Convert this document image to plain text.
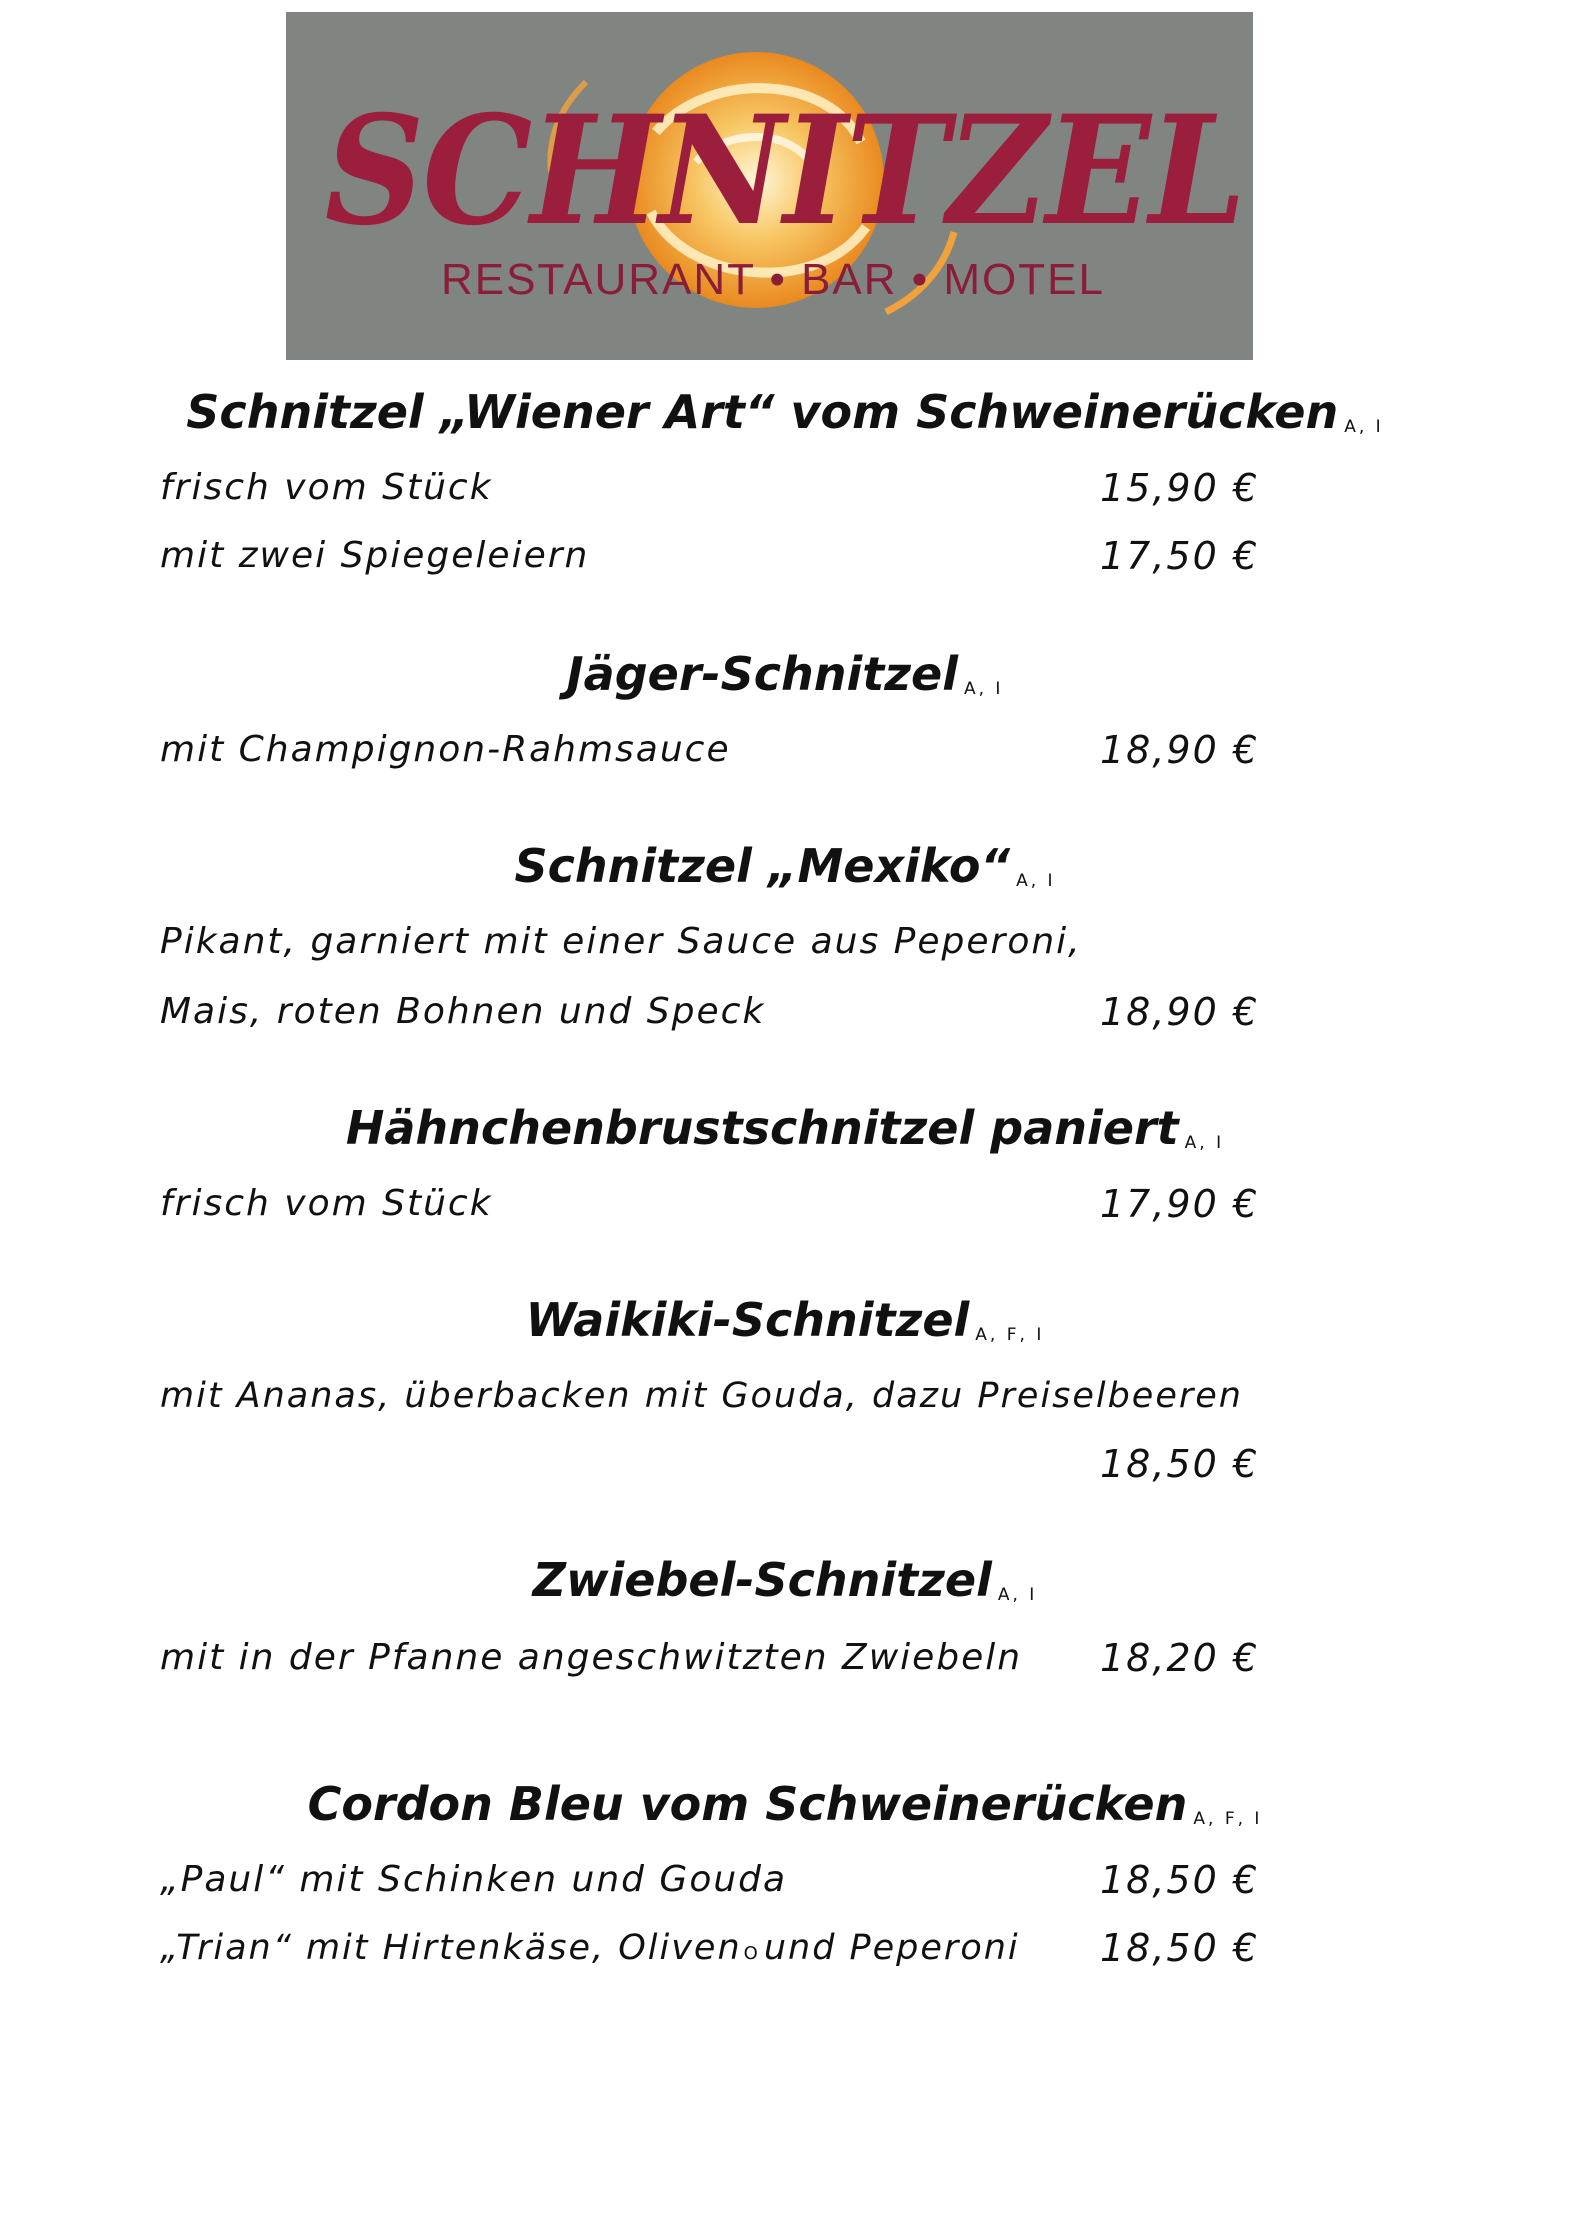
SCHNITZEL
RESTAURANT • BAR • MOTEL
Schnitzel „Wiener Art“ vom Schweinerücken A, I
frisch vom Stück	15,90 €
mit zwei Spiegeleiern	17,50 €
Jäger-Schnitzel A, I
mit Champignon-Rahmsauce	18,90 €
Schnitzel „Mexiko“ A, I
Pikant, garniert mit einer Sauce aus Peperoni,
Mais, roten Bohnen und Speck	18,90 €
Hähnchenbrustschnitzel paniert A, I
frisch vom Stück	17,90 €
Waikiki-Schnitzel A, F, I
mit Ananas, überbacken mit Gouda, dazu Preiselbeeren
18,50 €
Zwiebel-Schnitzel A, I
mit in der Pfanne angeschwitzten Zwiebeln 18,20 €
Cordon Bleu vom Schweinerücken A, F, I
„Paul“ mit Schinken und Gouda	18,50 €
„Trian“ mit Hirtenkäse, Oliven O und Peperoni 18,50 €
